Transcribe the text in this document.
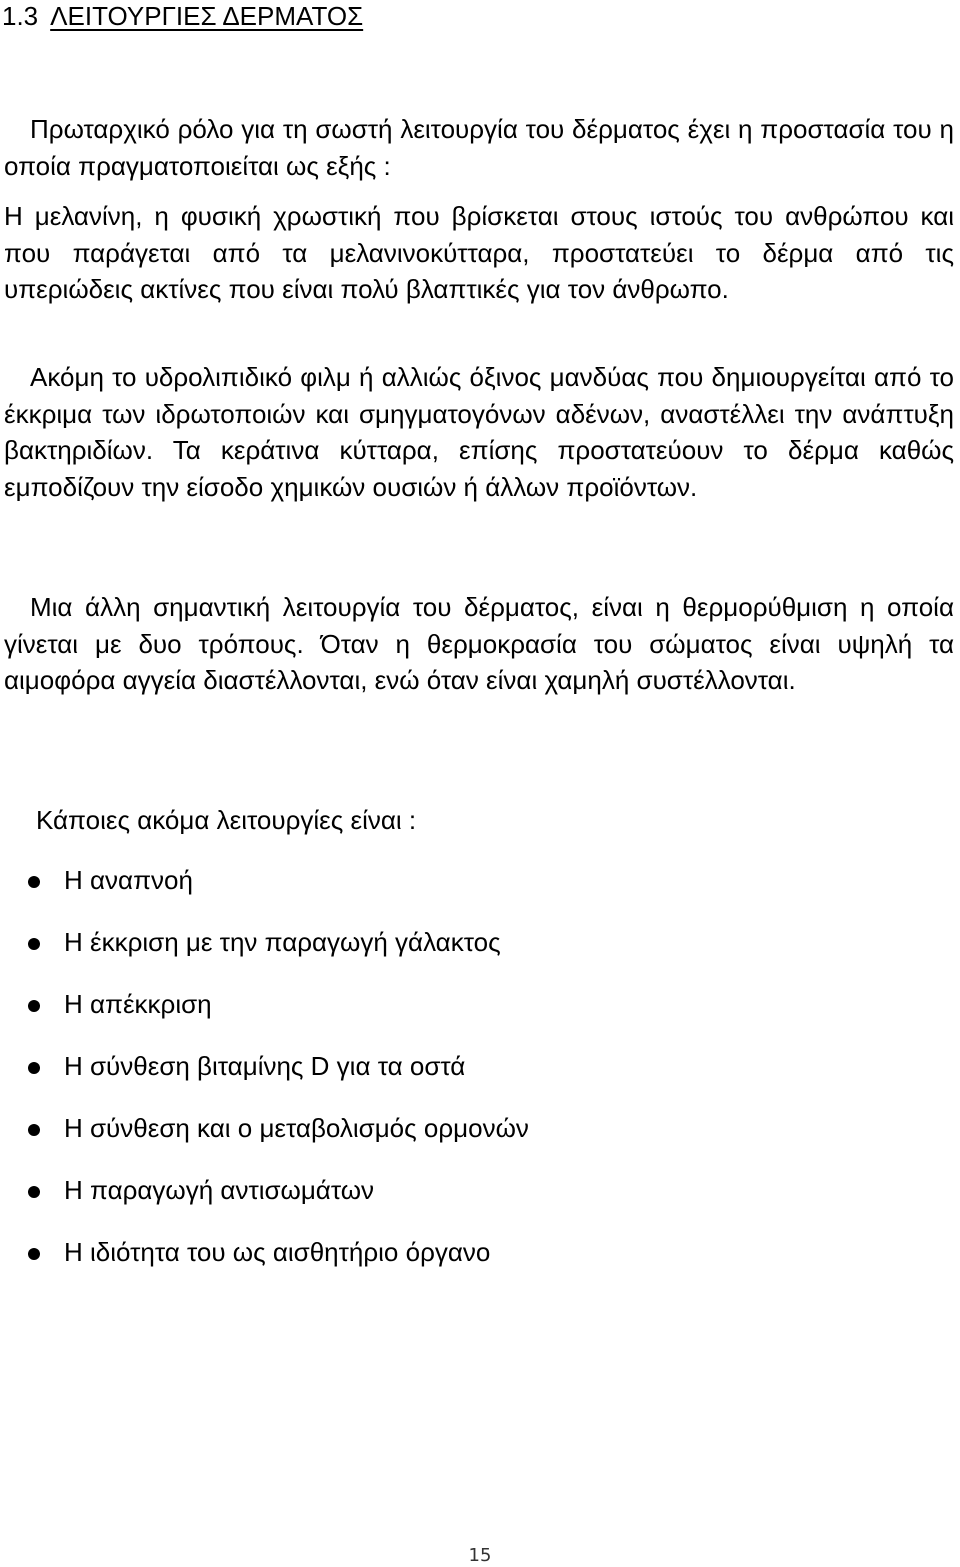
1.3 ΛΕΙΤΟΥΡΓΙΕΣ ΔΕΡΜΑΤΟΣ

Πρωταρχικό ρόλο για τη σωστή λειτουργία του δέρματος έχει η προστασία του η οποία πραγματοποιείται ως εξής :

Η μελανίνη, η φυσική χρωστική που βρίσκεται στους ιστούς του ανθρώπου και που παράγεται από τα μελανινοκύτταρα, προστατεύει το δέρμα από τις υπεριώδεις ακτίνες που είναι πολύ βλαπτικές για τον άνθρωπο.

Ακόμη το υδρολιπιδικό φιλμ ή αλλιώς όξινος μανδύας που δημιουργείται από το έκκριμα των ιδρωτοποιών και σμηγματογόνων αδένων, αναστέλλει την ανάπτυξη βακτηριδίων. Τα κεράτινα κύτταρα, επίσης προστατεύουν το δέρμα καθώς εμποδίζουν την είσοδο χημικών ουσιών ή άλλων προϊόντων.

Μια άλλη σημαντική λειτουργία του δέρματος, είναι η θερμορύθμιση η οποία γίνεται με δυο τρόπους. Όταν η θερμοκρασία του σώματος είναι υψηλή τα αιμοφόρα αγγεία διαστέλλονται, ενώ όταν είναι χαμηλή συστέλλονται.

Κάποιες ακόμα λειτουργίες είναι :

Η αναπνοή
Η έκκριση με την παραγωγή γάλακτος
Η απέκκριση
Η σύνθεση βιταμίνης D για τα οστά
Η σύνθεση και ο μεταβολισμός ορμονών
Η παραγωγή αντισωμάτων
Η ιδιότητα του ως αισθητήριο όργανο
15
